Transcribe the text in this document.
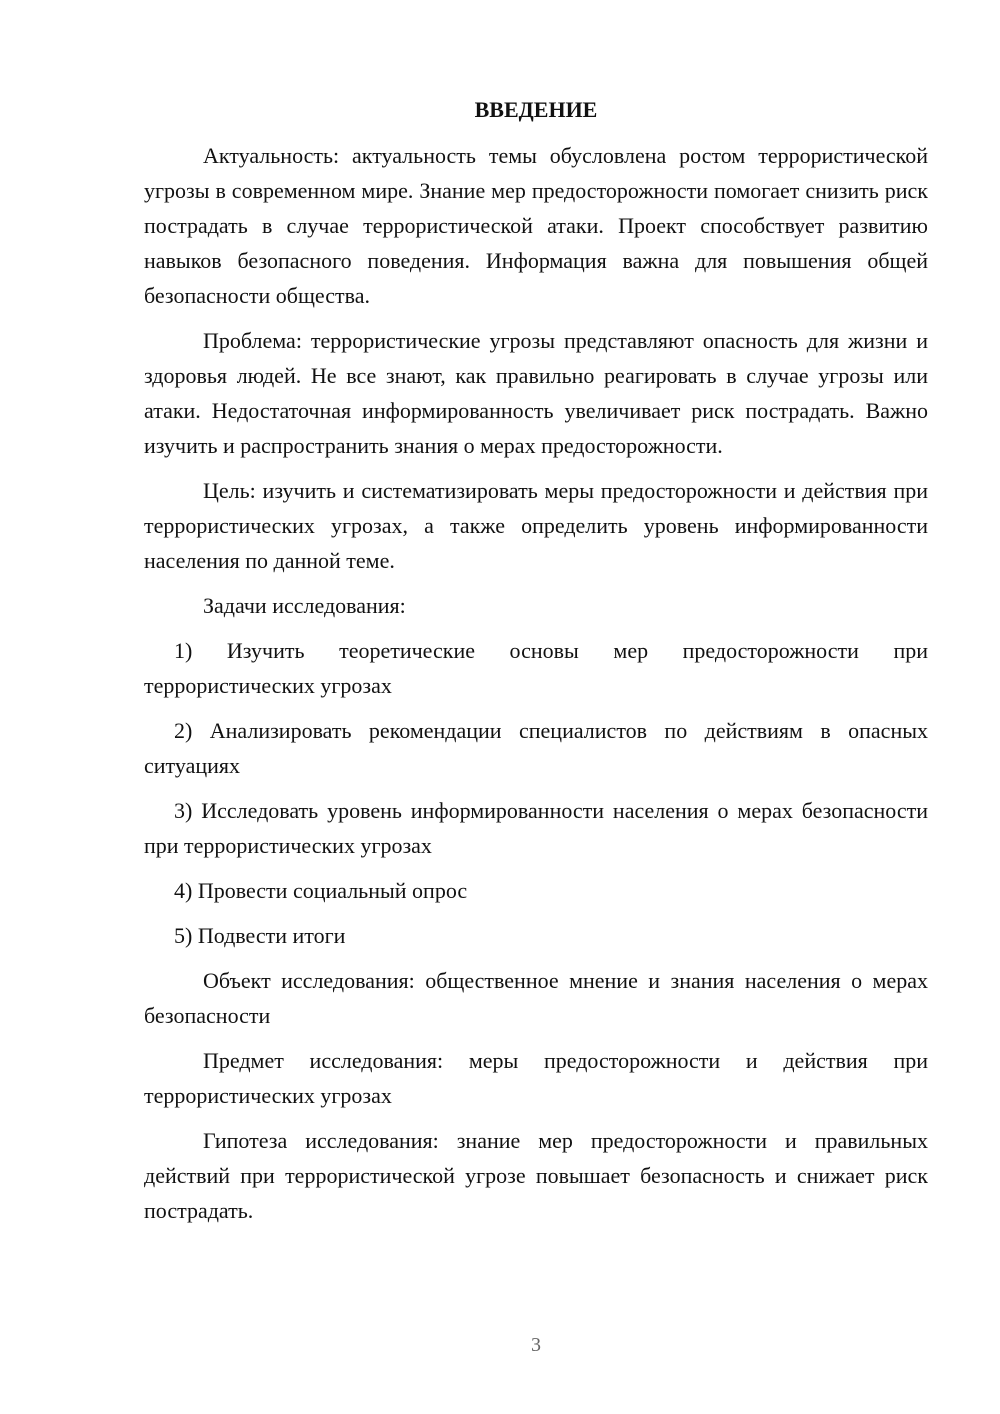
ВВЕДЕНИЕ

Актуальность: актуальность темы обусловлена ростом террористической угрозы в современном мире. Знание мер предосторожности помогает снизить риск пострадать в случае террористической атаки. Проект способствует развитию навыков безопасного поведения. Информация важна для повышения общей безопасности общества.

Проблема: террористические угрозы представляют опасность для жизни и здоровья людей. Не все знают, как правильно реагировать в случае угрозы или атаки. Недостаточная информированность увеличивает риск пострадать. Важно изучить и распространить знания о мерах предосторожности.

Цель: изучить и систематизировать меры предосторожности и действия при террористических угрозах, а также определить уровень информированности населения по данной теме.

Задачи исследования:

1) Изучить теоретические основы мер предосторожности при террористических угрозах

2) Анализировать рекомендации специалистов по действиям в опасных ситуациях

3) Исследовать уровень информированности населения о мерах безопасности при террористических угрозах

4) Провести социальный опрос

5) Подвести итоги

Объект исследования: общественное мнение и знания населения о мерах безопасности

Предмет исследования: меры предосторожности и действия при террористических угрозах

Гипотеза исследования: знание мер предосторожности и правильных действий при террористической угрозе повышает безопасность и снижает риск пострадать.

3
